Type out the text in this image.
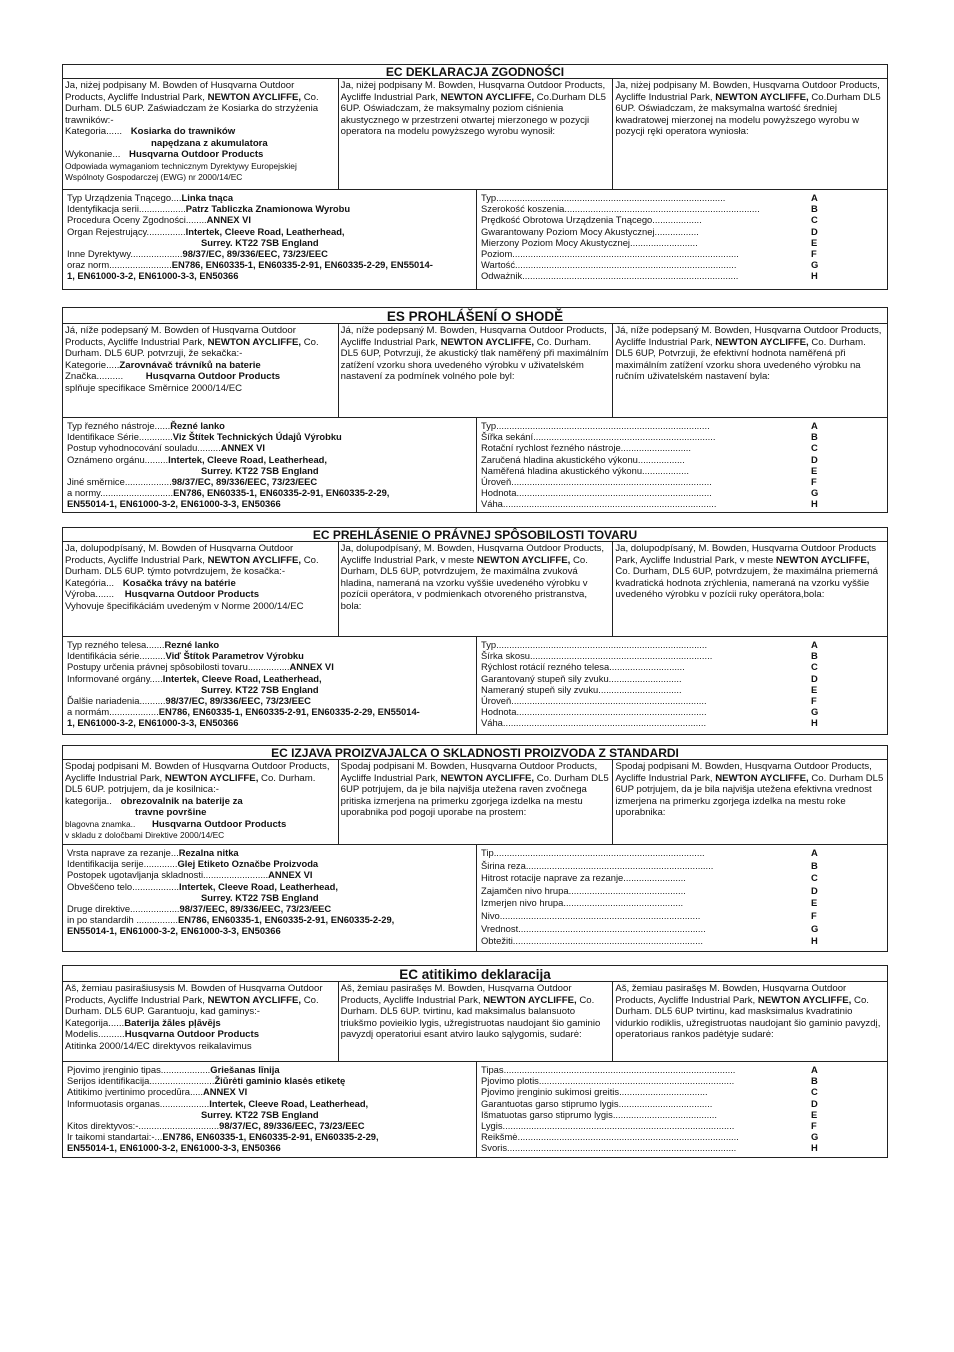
EC DEKLARACJA ZGODNOŚCI
Ja, niżej podpisany M. Bowden of Husqvarna Outdoor Products, Aycliffe Industrial Park, NEWTON AYCLIFFE, Co. Durham. DL5 6UP. Zaświadczam że Kosiarka do strzyżenia trawników:-
Kategoria...... Kosiarka do trawników
napędzana z akumulatora
Wykonanie... Husqvarna Outdoor Products
Odpowiada wymaganiom technicznym Dyrektywy Europejskiej Wspólnoty Gospodarczej (EWG) nr 2000/14/EC
Ja, niżej podpisany M. Bowden, Husqvarna Outdoor Products, Aycliffe Industrial Park, NEWTON AYCLIFFE, Co.Durham DL5 6UP. Oświadczam, że maksymalny poziom ciśnienia akustycznego w przestrzeni otwartej mierzonego w pozycji operatora na modelu powyższego wyrobu wynosił:
Ja, niżej podpisany M. Bowden, Husqvarna Outdoor Products, Aycliffe Industrial Park, NEWTON AYCLIFFE, Co.Durham DL5 6UP. Oświadczam, że maksymalna wartość średniej kwadratowej mierzonej na modelu powyższego wyrobu w pozycji ręki operatora wyniosła:
Typ Urządzenia Tnącego.... Linka tnąca
Identyfikacja serii.................. Patrz Tabliczka Znamionowa Wyrobu
Procedura Oceny Zgodności........ ANNEX VI
Organ Rejestrujący............... Intertek, Cleeve Road, Leatherhead,
Surrey. KT22 7SB England
Inne Dyrektywy.................... 98/37/EC, 89/336/EEC, 73/23/EEC
oraz norm........................ EN786, EN60335-1, EN60335-2-91, EN60335-2-29, EN55014-
1, EN61000-3-2, EN61000-3-3, EN50366
Typ........................................................................................	A
Szerokość koszenia...........................................................................	B
Prędkość Obrotowa Urządzenia Tnącego...................	C
Gwarantowany Poziom Mocy Akustycznej.................	D
Mierzony Poziom Mocy Akustycznej..........................	E
Poziom.......................................................................................	F
Wartość.....................................................................................	G
Odważnik...................................................................................	H
ES PROHLÁŠENÍ O SHODĚ
Já, níže podepsaný M. Bowden of Husqvarna Outdoor Products, Aycliffe Industrial Park, NEWTON AYCLIFFE, Co. Durham. DL5 6UP. potvrzuji, že sekačka:-
Kategorie.....Zarovnávač trávníků na baterie
Značka.......... Husqvarna Outdoor Products
splňuje specifikace Směrnice 2000/14/EC
Já, níže podepsaný M. Bowden, Husqvarna Outdoor Products, Aycliffe Industrial Park, NEWTON AYCLIFFE, Co. Durham. DL5 6UP, Potvrzuji, že akustický tlak naměřený při maximálním zatížení vzorku shora uvedeného výrobku v uživatelském nastavení za podmínek volného pole byl:
Já, níže podepsaný M. Bowden, Husqvarna Outdoor Products, Aycliffe Industrial Park, NEWTON AYCLIFFE, Co. Durham. DL5 6UP, Potvrzuji, že efektivní hodnota naměřená při maximálním zatížení vzorku shora uvedeného výrobku na ručním uživatelském nastavení byla:
Typ řezného nástroje...... Řezné lanko
Identifikace Série............. Viz Štítek Technických Údajů Výrobku
Postup vyhodnocování souladu......... ANNEX VI
Oznámeno orgánu......... Intertek, Cleeve Road, Leatherhead,
Surrey. KT22 7SB England
Jiné směrnice.................. 98/37/EC, 89/336/EEC, 73/23/EEC
a normy............................ EN786, EN60335-1, EN60335-2-91, EN60335-2-29,
EN55014-1, EN61000-3-2, EN61000-3-3, EN50366
Typ..................................................................................	A
Šířka sekání......................................................................	B
Rotační rychlost řezného nástroje...........................	C
Zaručená hladina akustického výkonu..................	D
Naměřená hladina akustického výkonu..................	E
Úroveň.............................................................................	F
Hodnota...........................................................................	G
Váha..................................................................................	H
EC PREHLÁSENIE O PRÁVNEJ SPÔSOBILOSTI TOVARU
Ja, dolupodpísaný, M. Bowden of Husqvarna Outdoor Products, Aycliffe Industrial Park, NEWTON AYCLIFFE, Co. Durham. DL5 6UP. týmto potvrdzujem, že kosačka:-
Kategória... Kosačka trávy na batérie
Výroba....... Husqvarna Outdoor Products
Vyhovuje špecifikáciám uvedeným v Norme 2000/14/EC
Ja, dolupodpísaný, M. Bowden, Husqvarna Outdoor Products, Aycliffe Industrial Park, v meste NEWTON AYCLIFFE, Co. Durham, DL5 6UP, potvrdzujem, že maximálna zvuková hladina, nameraná na vzorku vyššie uvedeného výrobku v pozícii operátora, v podmienkach otvoreného pristranstva, bola:
Ja, dolupodpísaný, M. Bowden, Husqvarna Outdoor Products Park, Aycliffe Industrial Park, v meste NEWTON AYCLIFFE, Co. Durham, DL5 6UP, potvrdzujem, že maximálna priemerná kvadratická hodnota zrýchlenia, nameraná na vzorku vyššie uvedeného výrobku v pozícii ruky operátora,bola:
Typ rezného telesa....... Rezné lanko
Identifikácia série.......... Viď Štítok Parametrov Výrobku
Postupy určenia právnej spôsobilosti tovaru................ ANNEX VI
Informované orgány..... Intertek, Cleeve Road, Leatherhead,
Surrey. KT22 7SB England
Ďalšie nariadenia.......... 98/37/EC, 89/336/EEC, 73/23/EEC
a normám................... EN786, EN60335-1, EN60335-2-91, EN60335-2-29, EN55014-
1, EN61000-3-2, EN61000-3-3, EN50366
Typ.................................................................................	A
Šírka skosu......................................................................	B
Rýchlost rotácií rezného telesa.............................	C
Garantovaný stupeň sily zvuku............................	D
Nameraný stupeň sily zvuku................................	E
Úroveň...........................................................................	F
Hodnota.........................................................................	G
Váha..............................................................................	H
EC IZJAVA PROIZVAJALCA O SKLADNOSTI PROIZVODA Z STANDARDI
Spodaj podpisani M. Bowden of Husqvarna Outdoor Products, Aycliffe Industrial Park, NEWTON AYCLIFFE, Co. Durham. DL5 6UP. potrjujem, da je kosilnica:-
kategorija.. obrezovalnik na baterije za
travne površine
blagovna znamka.. Husqvarna Outdoor Products
v skladu z določbami Direktive 2000/14/EC
Spodaj podpisani M. Bowden, Husqvarna Outdoor Products, Aycliffe Industrial Park, NEWTON AYCLIFFE, Co. Durham DL5 6UP potrjujem, da je bila najvišja utežena raven zvočnega pritiska izmerjena na primerku zgorjega izdelka na mestu uporabnika pod pogoji uporabe na prostem:
Spodaj podpisani M. Bowden, Husqvarna Outdoor Products, Aycliffe Industrial Park, NEWTON AYCLIFFE, Co. Durham DL5 6UP potrjujem, da je bila najvišja utežena efektivna vrednost izmerjena na primerku zgorjega izdelka na mestu roke uporabnika:
Vrsta naprave za rezanje... Rezalna nitka
Identifikacija serije............. Glej Etiketo Označbe Proizvoda
Postopek ugotavljanja skladnosti......................... ANNEX VI
Obveščeno telo.................. Intertek, Cleeve Road, Leatherhead,
Surrey. KT22 7SB England
Druge direktive................... 98/37/EEC, 89/336/EEC, 73/23/EEC
in po standardih ................ EN786, EN60335-1, EN60335-2-91, EN60335-2-29,
EN55014-1, EN61000-3-2, EN61000-3-3, EN50366
Tip.................................................................................	A
Širina reza........................................................................	B
Hitrost rotacije naprave za rezanje........................	C
Zajamčen nivo hrupa.............................................	D
Izmerjen nivo hrupa..............................................	E
Nivo.............................................................................	F
Vrednost........................................................................	G
Obtežiti.........................................................................	H
EC atitikimo deklaracija
Aš, žemiau pasirašiusysis M. Bowden of Husqvarna Outdoor Products, Aycliffe Industrial Park, NEWTON AYCLIFFE, Co. Durham. DL5 6UP. Garantuoju, kad gaminys:-
Kategorija......Baterija žāles pļāvējs
Modelis..........Husqvarna Outdoor Products
Atitinka 2000/14/EC direktyvos reikalavimus
Aš, žemiau pasirašęs M. Bowden, Husqvarna Outdoor Products, Aycliffe Industrial Park, NEWTON AYCLIFFE, Co. Durham. DL5 6UP. tvirtinu, kad maksimalus balansuoto triukšmo povieikio lygis, užregistruotas naudojant šio gaminio pavyzdį operatoriui esant atviro lauko sąlygomis, sudarė:
Aš, žemiau pasirašęs M. Bowden, Husqvarna Outdoor Products, Aycliffe Industrial Park, NEWTON AYCLIFFE, Co. Durham. DL5 6UP tvirtinu, kad masksimalus kvadratinio vidurkio rodiklis, užregistruotas naudojant šio gaminio pavyzdį, operatoriaus rankos padėtyje sudarė:
Pjovimo įrenginio tipas................... Griešanas līnija
Serijos identifikacija......................... Žiūrėti gaminio klasės etiketę
Atitikimo įvertinimo procedūra..... ANNEX VI
Informuotasis organas................... Intertek, Cleeve Road, Leatherhead,
Surrey. KT22 7SB England
Kitos direktyvos:-............................... 98/37/EC, 89/336/EEC, 73/23/EEC
Ir taikomi standartai:-... EN786, EN60335-1, EN60335-2-91, EN60335-2-29,
EN55014-1, EN61000-3-2, EN61000-3-3, EN50366
Tipas.........................................................................................	A
Pjovimo plotis...........................................................................	B
Pjovimo įrenginio sukimosi greitis..................................	C
Garantuotas garso stiprumo lygis....................................	D
Išmatuotas garso stiprumo lygis........................................	E
Lygis.........................................................................................	F
Reikšmė.....................................................................................	G
Svoris........................................................................................	H
